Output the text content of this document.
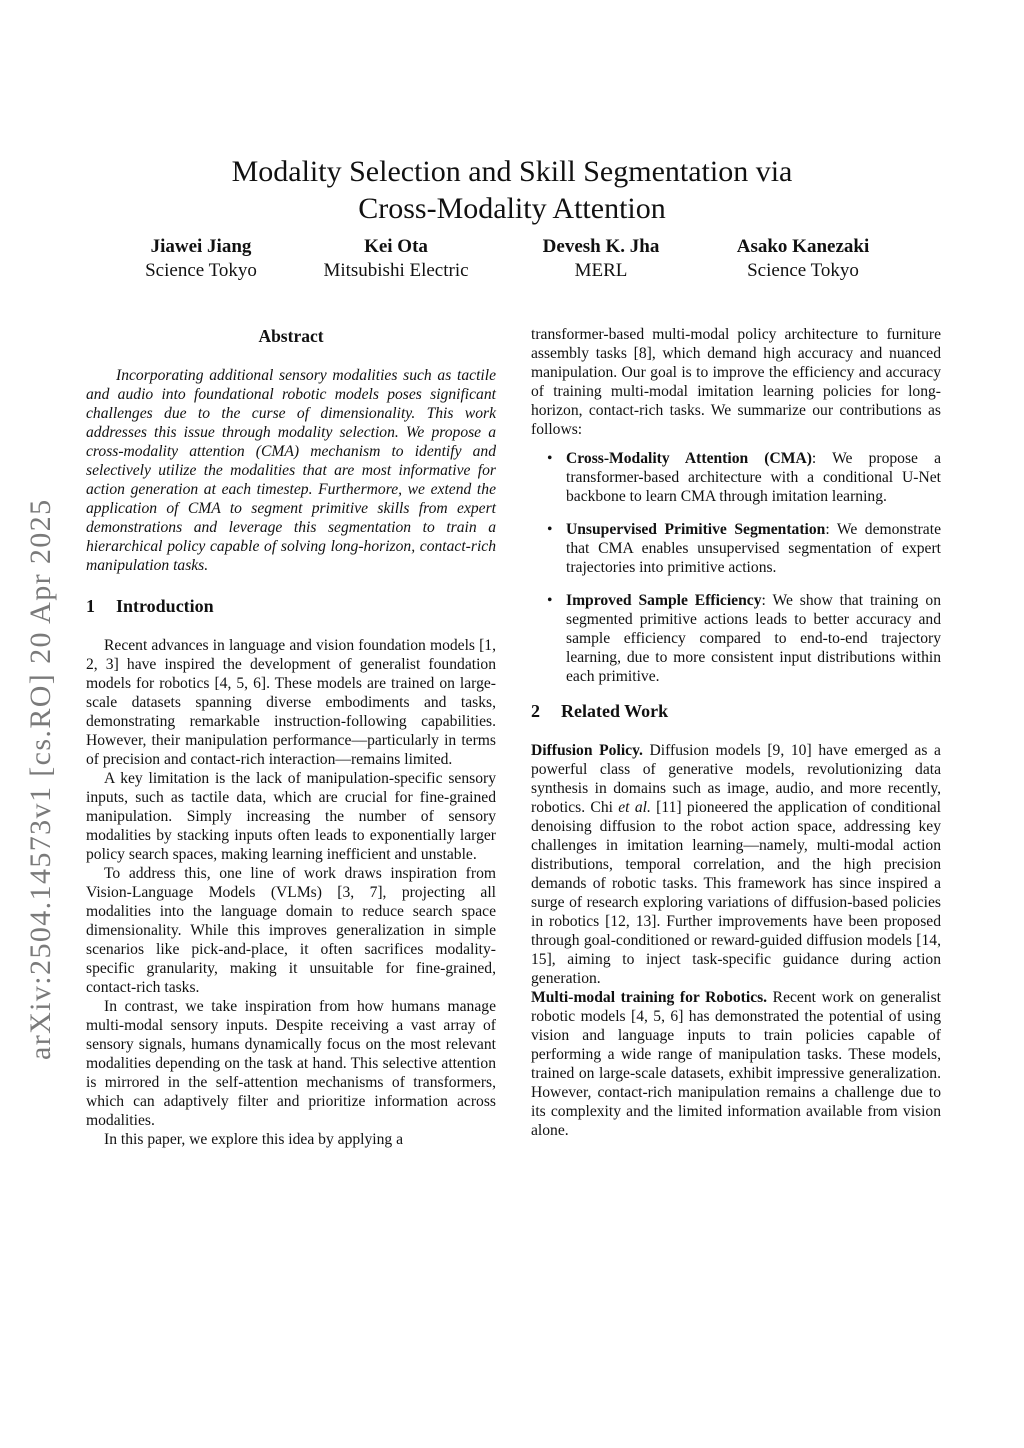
arXiv:2504.14573v1 [cs.RO] 20 Apr 2025
Modality Selection and Skill Segmentation via
Cross-Modality Attention
Jiawei Jiang
Science Tokyo
Kei Ota
Mitsubishi Electric
Devesh K. Jha
MERL
Asako Kanezaki
Science Tokyo
Abstract

Incorporating additional sensory modalities such as tactile and audio into foundational robotic models poses significant challenges due to the curse of dimensionality. This work addresses this issue through modality selection. We propose a cross-modality attention (CMA) mechanism to identify and selectively utilize the modalities that are most informative for action generation at each timestep. Furthermore, we extend the application of CMA to segment primitive skills from expert demonstrations and leverage this segmentation to train a hierarchical policy capable of solving long-horizon, contact-rich manipulation tasks.

1 Introduction

Recent advances in language and vision foundation models [1, 2, 3] have inspired the development of generalist foundation models for robotics [4, 5, 6]. These models are trained on large-scale datasets spanning diverse embodiments and tasks, demonstrating remarkable instruction-following capabilities. However, their manipulation performance—particularly in terms of precision and contact-rich interaction—remains limited.

A key limitation is the lack of manipulation-specific sensory inputs, such as tactile data, which are crucial for fine-grained manipulation. Simply increasing the number of sensory modalities by stacking inputs often leads to exponentially larger policy search spaces, making learning inefficient and unstable.

To address this, one line of work draws inspiration from Vision-Language Models (VLMs) [3, 7], projecting all modalities into the language domain to reduce search space dimensionality. While this improves generalization in simple scenarios like pick-and-place, it often sacrifices modality-specific granularity, making it unsuitable for fine-grained, contact-rich tasks.

In contrast, we take inspiration from how humans manage multi-modal sensory inputs. Despite receiving a vast array of sensory signals, humans dynamically focus on the most relevant modalities depending on the task at hand. This selective attention is mirrored in the self-attention mechanisms of transformers, which can adaptively filter and prioritize information across modalities.

In this paper, we explore this idea by applying a

transformer-based multi-modal policy architecture to furniture assembly tasks [8], which demand high accuracy and nuanced manipulation. Our goal is to improve the efficiency and accuracy of training multi-modal imitation learning policies for long-horizon, contact-rich tasks. We summarize our contributions as follows:

• Cross-Modality Attention (CMA): We propose a transformer-based architecture with a conditional U-Net backbone to learn CMA through imitation learning.
• Unsupervised Primitive Segmentation: We demonstrate that CMA enables unsupervised segmentation of expert trajectories into primitive actions.
• Improved Sample Efficiency: We show that training on segmented primitive actions leads to better accuracy and sample efficiency compared to end-to-end trajectory learning, due to more consistent input distributions within each primitive.
2 Related Work

Diffusion Policy. Diffusion models [9, 10] have emerged as a powerful class of generative models, revolutionizing data synthesis in domains such as image, audio, and more recently, robotics. Chi et al. [11] pioneered the application of conditional denoising diffusion to the robot action space, addressing key challenges in imitation learning—namely, multi-modal action distributions, temporal correlation, and the high precision demands of robotic tasks. This framework has since inspired a surge of research exploring variations of diffusion-based policies in robotics [12, 13]. Further improvements have been proposed through goal-conditioned or reward-guided diffusion models [14, 15], aiming to inject task-specific guidance during action generation.

Multi-modal training for Robotics. Recent work on generalist robotic models [4, 5, 6] has demonstrated the potential of using vision and language inputs to train policies capable of performing a wide range of manipulation tasks. These models, trained on large-scale datasets, exhibit impressive generalization. However, contact-rich manipulation remains a challenge due to its complexity and the limited information available from vision alone.
